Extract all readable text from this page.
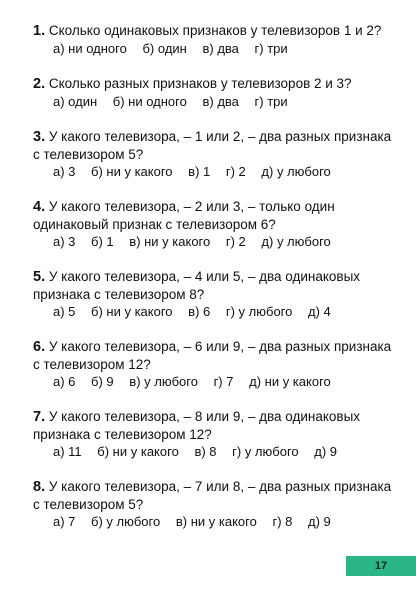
1. Сколько одинаковых признаков у телевизоров 1 и 2?
а) ни одного б) один в) два г) три
2. Сколько разных признаков у телевизоров 2 и 3?
а) один б) ни одного в) два г) три
3. У какого телевизора, – 1 или 2, – два разных признака
с телевизором 5?
а) 3 б) ни у какого в) 1 г) 2 д) у любого
4. У какого телевизора, – 2 или 3, – только один
одинаковый признак с телевизором 6?
а) 3 б) 1 в) ни у какого г) 2 д) у любого
5. У какого телевизора, – 4 или 5, – два одинаковых
признака с телевизором 8?
а) 5 б) ни у какого в) 6 г) у любого д) 4
6. У какого телевизора, – 6 или 9, – два разных признака
с телевизором 12?
а) 6 б) 9 в) у любого г) 7 д) ни у какого
7. У какого телевизора, – 8 или 9, – два одинаковых
признака с телевизором 12?
а) 11 б) ни у какого в) 8 г) у любого д) 9
8. У какого телевизора, – 7 или 8, – два разных признака
с телевизором 5?
а) 7 б) у любого в) ни у какого г) 8 д) 9
17
